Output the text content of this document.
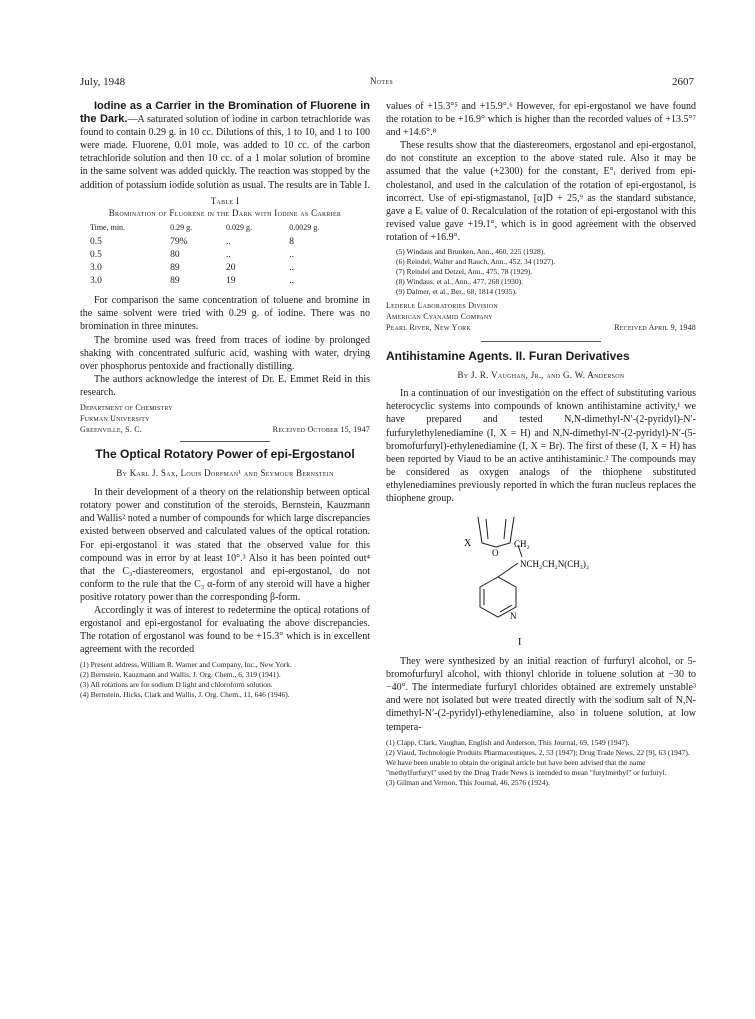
July, 1948	Notes	2607

Iodine as a Carrier in the Bromination of Fluorene in the Dark.—A saturated solution of iodine in carbon tetrachloride was found to contain 0.29 g. in 10 cc. Dilutions of this, 1 to 10, and 1 to 100 were made. Fluorene, 0.01 mole, was added to 10 cc. of the carbon tetrachloride solution and then 10 cc. of a 1 molar solution of bromine in the same solvent was added quickly. The reaction was stopped by the addition of potassium iodide solution as usual. The results are in Table I.

Table I
Bromination of Fluorene in the Dark with Iodine as Carrier
Time, min.	0.29 g.	0.029 g.	0.0029 g.
0.5	79%	..	8
0.5	80	..	..
3.0	89	20	..
3.0	89	19	..

For comparison the same concentration of toluene and bromine in the same solvent were tried with 0.29 g. of iodine. There was no bromination in three minutes.

The bromine used was freed from traces of iodine by prolonged shaking with concentrated sulfuric acid, washing with water, drying over phosphorus pentoxide and fractionally distilling.

The authors acknowledge the interest of Dr. E. Emmet Reid in this research.

Department of Chemistry
Furman University
Greenville, S. C.	Received October 15, 1947
The Optical Rotatory Power of epi-Ergostanol
By Karl J. Sax, Louis Dorfman¹ and Seymour Bernstein

In their development of a theory on the relationship between optical rotatory power and constitution of the steroids, Bernstein, Kauzmann and Wallis² noted a number of compounds for which large discrepancies existed between observed and calculated values of the optical rotation. For epi-ergostanol it was stated that the observed value for this compound was in error by at least 10°.³ Also it has been pointed out⁴ that the C₃-diastereomers, ergostanol and epi-ergostanol, do not conform to the rule that the C₃ α-form of any steroid will have a higher positive rotatory power than the corresponding β-form.

Accordingly it was of interest to redetermine the optical rotations of ergostanol and epi-ergostanol for evaluating the above discrepancies. The rotation of ergostanol was found to be +15.3° which is in excellent agreement with the recorded

(1) Present address, William R. Warner and Company, Inc., New York.
(2) Bernstein, Kauzmann and Wallis, J. Org. Chem., 6, 319 (1941).
(3) All rotations are for sodium D light and chloroform solution.
(4) Bernstein, Hicks, Clark and Wallis, J. Org. Chem., 11, 646 (1946).

values of +15.3°⁵ and +15.9°.⁶ However, for epi-ergostanol we have found the rotation to be +16.9° which is higher than the recorded values of +13.5°⁷ and +14.6°.⁸

These results show that the diastereomers, ergostanol and epi-ergostanol, do not constitute an exception to the above stated rule. Also it may be assumed that the value (+2300) for the constant, E°ᵢ derived from epi-cholestanol, and used in the calculation of the rotation of epi-ergostanol, is incorrect. Use of epi-stigmastanol, [α]D + 25,⁹ as the standard substance, gave a Eᵢ value of 0. Recalculation of the rotation of epi-ergostanol with this revised value gave +19.1°, which is in good agreement with the observed rotation of +16.9°.

(5) Windaus and Brunken, Ann., 460, 225 (1928).
(6) Reindel, Walter and Rauch, Ann., 452, 34 (1927).
(7) Reindel and Detzel, Ann., 475, 78 (1929).
(8) Windaus, et al., Ann., 477, 268 (1930).
(9) Dalmer, et al., Ber., 68, 1814 (1935).
Lederle Laboratories Division
American Cyanamid Company
Pearl River, New York	Received April 9, 1948
Antihistamine Agents. II. Furan Derivatives
By J. R. Vaughan, Jr., and G. W. Anderson

In a continuation of our investigation on the effect of substituting various heterocyclic systems into compounds of known antihistamine activity,¹ we have prepared and tested N,N-dimethyl-N′-(2-pyridyl)-N′-furfurylethylenediamine (I, X = H) and N,N-dimethyl-N′-(2-pyridyl)-N′-(5-bromofurfuryl)-ethylenediamine (I, X = Br). The first of these (I, X = H) has been reported by Viaud to be an active antihistaminic.² The compounds may be considered as oxygen analogs of the thiophene substituted ethylenediamines previously reported in which the furan nucleus replaces the thiophene group.

X
O
CH₂
NCH₂CH₂N(CH₃)₂
N
I

They were synthesized by an initial reaction of furfuryl alcohol, or 5-bromofurfuryl alcohol, with thionyl chloride in toluene solution at −30 to −40°. The intermediate furfuryl chlorides obtained are extremely unstable³ and were not isolated but were treated directly with the sodium salt of N,N-dimethyl-N′-(2-pyridyl)-ethylenediamine, also in toluene solution, at low tempera-

(1) Clapp, Clark, Vaughan, English and Anderson, This Journal, 69, 1549 (1947).
(2) Viaud, Technologie Produits Pharmaceutiques, 2, 53 (1947); Drug Trade News, 22 [9], 63 (1947). We have been unable to obtain the original article but have been advised that the name "methylfurfuryl" used by the Drug Trade News is intended to mean "furylmethyl" or furfuryl.
(3) Gilman and Vernon, This Journal, 46, 2576 (1924).
